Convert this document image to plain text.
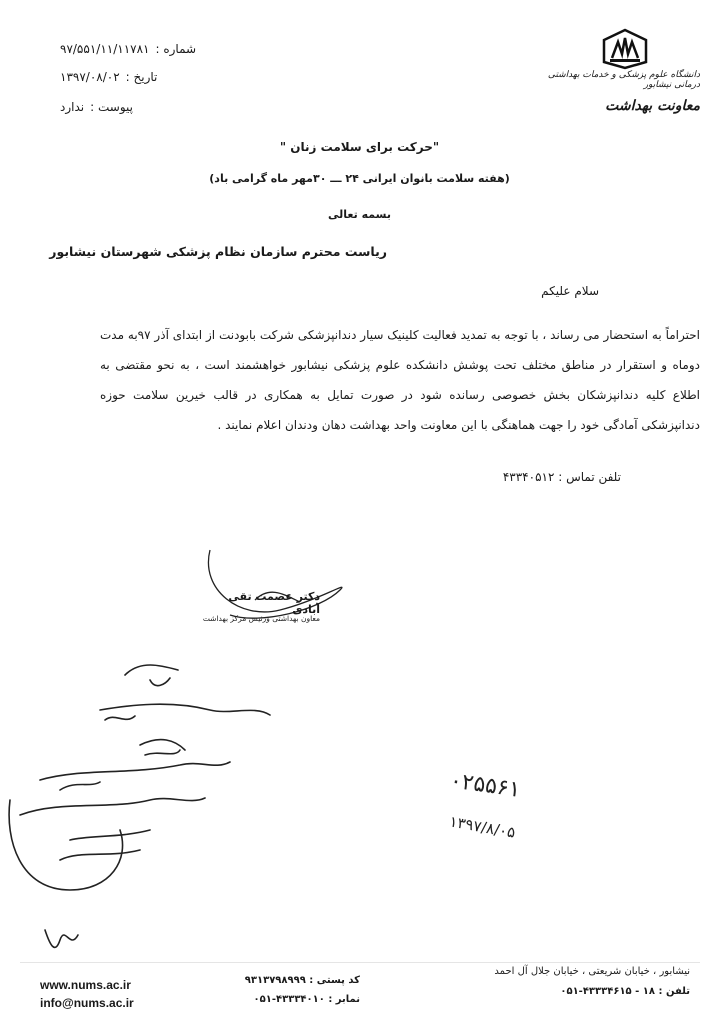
دانشگاه علوم پزشکی و خدمات بهداشتی درمانی نیشابور
معاونت بهداشت
شماره :
۹۷/۵۵۱/۱۱/۱۱۷۸۱
تاریخ :
۱۳۹۷/۰۸/۰۲
پیوست :
ندارد
"حرکت برای سلامت زنان "
(هفته سلامت بانوان ایرانی ۲۴ ـــ ۳۰مهر ماه گرامی باد)
بسمه تعالی
ریاست محترم سازمان نظام پزشکی شهرستان نیشابور
سلام علیکم
احتراماً به استحضار می رساند ، با توجه به تمدید فعالیت کلینیک سیار دندانپزشکی شرکت بابودنت از ابتدای آذر ۹۷به مدت دوماه و استقرار در مناطق مختلف تحت پوشش دانشکده علوم پزشکی نیشابور خواهشمند است ، به نحو مقتضی به اطلاع کلیه دندانپزشکان بخش خصوصی رسانده شود در صورت تمایل به همکاری در قالب خیرین سلامت حوزه دندانپزشکی آمادگی خود را جهت هماهنگی با این معاونت واحد بهداشت دهان ودندان اعلام نمایند .
تلفن تماس : ۴۳۳۴۰۵۱۲
دکتر عصمت تقی آبادی
معاون بهداشتی ورئیس مرکز بهداشت
۰۲۵۵۶۱
۱۳۹۷/۸/۰۵
www.nums.ac.ir
info@nums.ac.ir
کد پستی : ۹۳۱۳۷۹۸۹۹۹
نمابر : ۴۳۳۳۴۰۱۰-۰۵۱
نیشابور ، خیابان شریعتی ، خیابان جلال آل احمد
تلفن : ۱۸ - ۴۳۳۳۴۶۱۵-۰۵۱
